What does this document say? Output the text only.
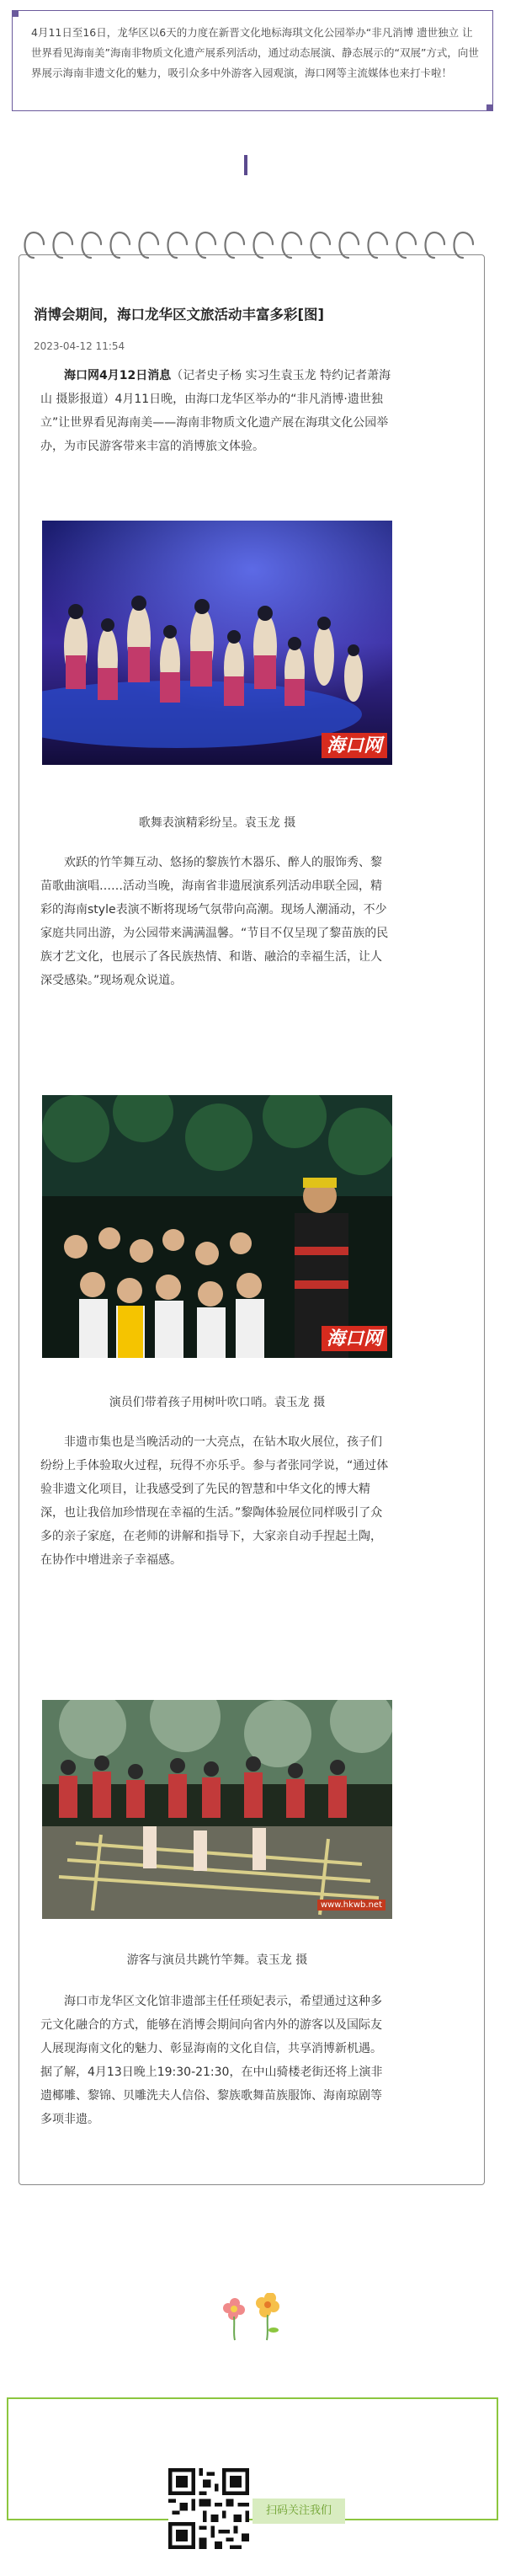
4月11日至16日，龙华区以6天的力度在新晋文化地标海琪文化公园举办“非凡消博 遗世独立 让世界看见海南美”海南非物质文化遗产展系列活动，通过动态展演、静态展示的“双展”方式，向世界展示海南非遗文化的魅力，吸引众多中外游客入园观演，海口网等主流媒体也来打卡啦！
消博会期间，海口龙华区文旅活动丰富多彩[图]
2023-04-12 11:54

海口网4月12日消息（记者史子杨 实习生袁玉龙 特约记者萧海山 摄影报道）4月11日晚，由海口龙华区举办的“非凡消博·遗世独立”让世界看见海南美——海南非物质文化遗产展在海琪文化公园举办，为市民游客带来丰富的消博旅文体验。

海口网
歌舞表演精彩纷呈。袁玉龙 摄

欢跃的竹竿舞互动、悠扬的黎族竹木器乐、醉人的服饰秀、黎苗歌曲演唱……活动当晚，海南省非遗展演系列活动串联全园，精彩的海南style表演不断将现场气氛带向高潮。现场人潮涌动，不少家庭共同出游，为公园带来满满温馨。“节目不仅呈现了黎苗族的民族才艺文化，也展示了各民族热情、和谐、融洽的幸福生活，让人深受感染。”现场观众说道。

海口网
演员们带着孩子用树叶吹口哨。袁玉龙 摄

非遗市集也是当晚活动的一大亮点，在钻木取火展位，孩子们纷纷上手体验取火过程，玩得不亦乐乎。参与者张同学说，“通过体验非遗文化项目，让我感受到了先民的智慧和中华文化的博大精深，也让我倍加珍惜现在幸福的生活。”黎陶体验展位同样吸引了众多的亲子家庭，在老师的讲解和指导下，大家亲自动手捏起土陶，在协作中增进亲子幸福感。

www.hkwb.net
游客与演员共跳竹竿舞。袁玉龙 摄

海口市龙华区文化馆非遗部主任任琐妃表示，希望通过这种多元文化融合的方式，能够在消博会期间向省内外的游客以及国际友人展现海南文化的魅力、彰显海南的文化自信，共享消博新机遇。据了解，4月13日晚上19:30-21:30，在中山骑楼老街还将上演非遗椰雕、黎锦、贝雕洗夫人信俗、黎族歌舞苗族服饰、海南琼剧等多项非遗。

扫码关注我们
